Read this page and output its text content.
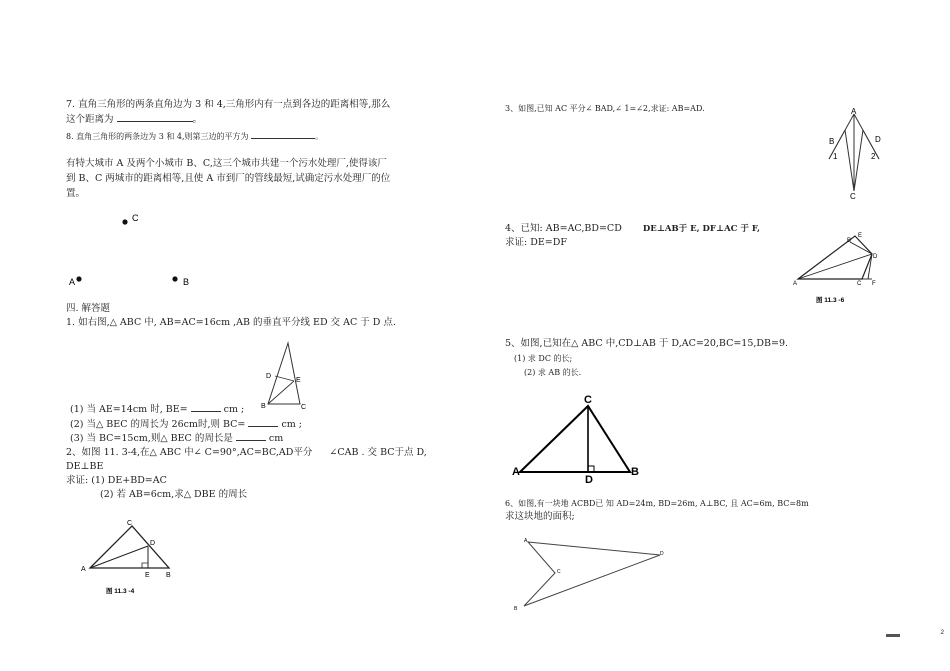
7. 直角三角形的两条直角边为 3 和 4,三角形内有一点到各边的距离相等,那么
这个距离为	。
8. 直角三角形的两条边为 3 和 4,则第三边的平方为	。
有特大城市 A 及两个小城市 B、C,这三个城市共建一个污水处理厂,使得该厂
到 B、C 两城市的距离相等,且使 A 市到厂的管线最短,试确定污水处理厂的位
置。
C
A	B
四. 解答题
1. 如右图,△ ABC 中, AB=AC=16cm ,AB 的垂直平分线 ED 交 AC 于 D 点.
D
E
B	C
(1) 当 AE=14cm 时, BE=	cm ;
(2) 当△ BEC 的周长为 26cm时,则 BC=	cm ;
(3) 当 BC=15cm,则△ BEC 的周长是	cm
2、如图 11. 3-4,在△ ABC 中∠ C=90°,AC=BC,AD平分 ∠CAB . 交 BC于点 D,
DE⊥BE
求证: (1) DE+BD=AC
(2) 若 AB=6cm,求△ DBE 的周长
C
D
A
E B
图 11.3 -4
3、如图,已知 AC 平分∠ BAD,∠ 1=∠2,求证: AB=AD.	A
B	D
1	2
C
4、已知: AB=AC,BD=CD DE⊥AB于 E, DF⊥AC 于 F,
求证: DE=DF	B
E
D
A	C F
图 11.3 -6
5、如图,已知在△ ABC 中,CD⊥AB 于 D,AC=20,BC=15,DB=9.
(1) 求 DC 的长;
(2) 求 AB 的长.
C
A
D
B
6、如图,有一块地 ACBD已 知 AD=24m, BD=26m, A⊥BC, 且 AC=6m, BC=8m
求这块地的面积;
A
D
C
B
2
